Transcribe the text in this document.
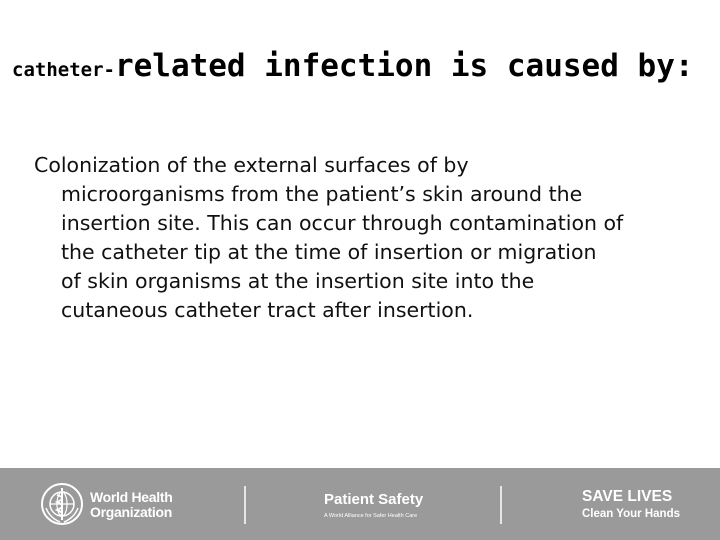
catheter-related infection is caused by:
Colonization of the external surfaces of by
microorganisms from the patient’s skin around the
insertion site. This can occur through contamination of
the catheter tip at the time of insertion or migration
of skin organisms at the insertion site into the
cutaneous catheter tract after insertion.
World Health
Organization
Patient Safety
A World Alliance for Safer Health Care
SAVE LIVES
Clean Your Hands
